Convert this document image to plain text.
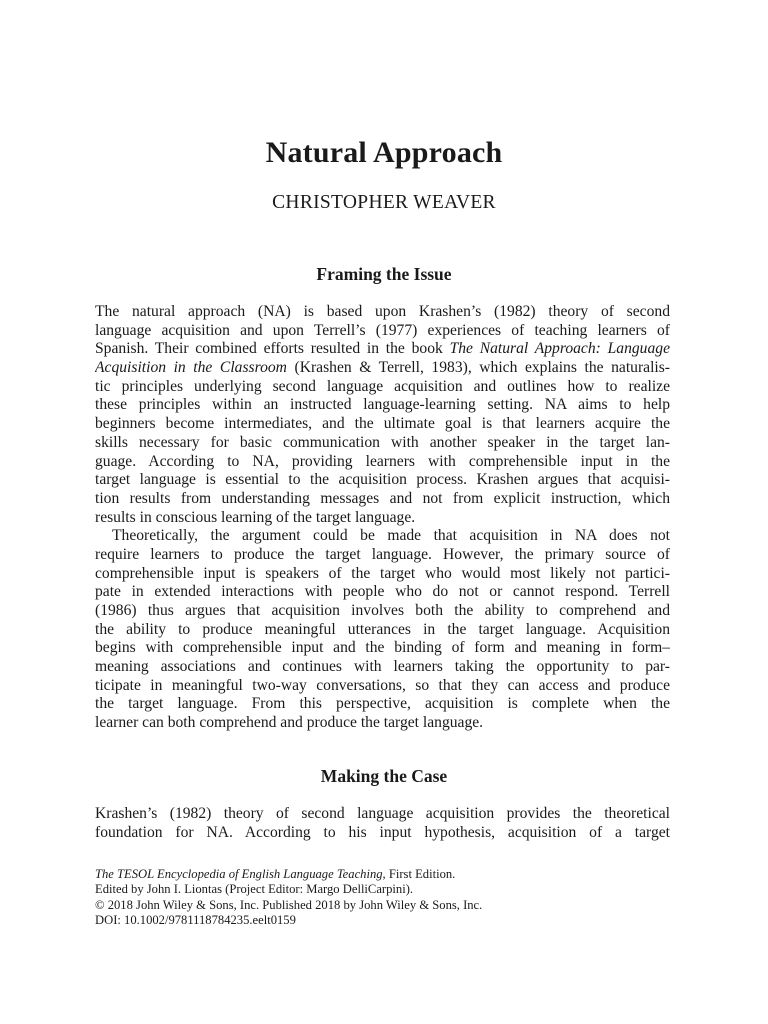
Natural Approach
CHRISTOPHER WEAVER
Framing the Issue
The natural approach (NA) is based upon Krashen’s (1982) theory of second
language acquisition and upon Terrell’s (1977) experiences of teaching learners of
Spanish. Their combined efforts resulted in the book The Natural Approach: Language
Acquisition in the Classroom (Krashen & Terrell, 1983), which explains the naturalis-
tic principles underlying second language acquisition and outlines how to realize
these principles within an instructed language-learning setting. NA aims to help
beginners become intermediates, and the ultimate goal is that learners acquire the
skills necessary for basic communication with another speaker in the target lan-
guage. According to NA, providing learners with comprehensible input in the
target language is essential to the acquisition process. Krashen argues that acquisi-
tion results from understanding messages and not from explicit instruction, which
results in conscious learning of the target language.
Theoretically, the argument could be made that acquisition in NA does not
require learners to produce the target language. However, the primary source of
comprehensible input is speakers of the target who would most likely not partici-
pate in extended interactions with people who do not or cannot respond. Terrell
(1986) thus argues that acquisition involves both the ability to comprehend and
the ability to produce meaningful utterances in the target language. Acquisition
begins with comprehensible input and the binding of form and meaning in form–
meaning associations and continues with learners taking the opportunity to par-
ticipate in meaningful two-way conversations, so that they can access and produce
the target language. From this perspective, acquisition is complete when the
learner can both comprehend and produce the target language.
Making the Case
Krashen’s (1982) theory of second language acquisition provides the theoretical
foundation for NA. According to his input hypothesis, acquisition of a target
The TESOL Encyclopedia of English Language Teaching, First Edition.
Edited by John I. Liontas (Project Editor: Margo DelliCarpini).
© 2018 John Wiley & Sons, Inc. Published 2018 by John Wiley & Sons, Inc.
DOI: 10.1002/9781118784235.eelt0159
